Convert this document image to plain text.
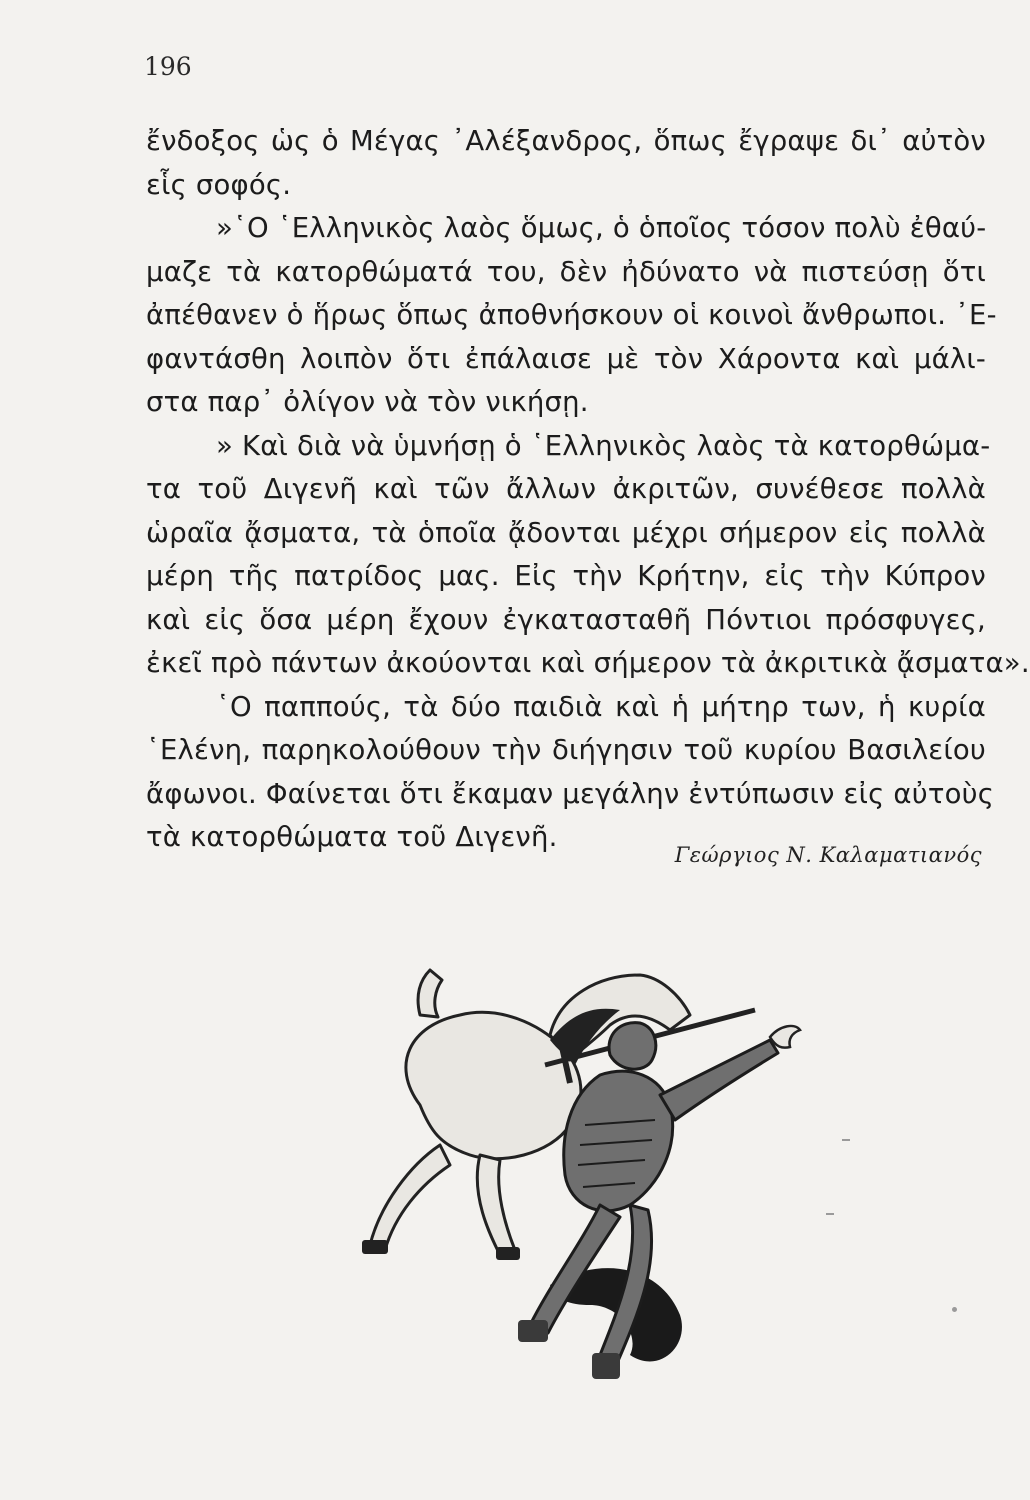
196
ἔνδοξος ὡς ὁ Μέγας ᾿Αλέξανδρος, ὅπως ἔγραψε δι᾿ αὐτὸν
εἷς σοφός.
»῾Ο ῾Ελληνικὸς λαὸς ὅμως, ὁ ὁποῖος τόσον πολὺ ἐθαύ-
μαζε τὰ κατορθώματά του, δὲν ἠδύνατο νὰ πιστεύσῃ ὅτι
ἀπέθανεν ὁ ἥρως ὅπως ἀποθνήσκουν οἱ κοινοὶ ἄνθρωποι. ᾿Ε-
φαντάσθη λοιπὸν ὅτι ἐπάλαισε μὲ τὸν Χάροντα καὶ μάλι-
στα παρ᾿ ὀλίγον νὰ τὸν νικήσῃ.
» Καὶ διὰ νὰ ὑμνήσῃ ὁ ῾Ελληνικὸς λαὸς τὰ κατορθώμα-
τα τοῦ Διγενῆ καὶ τῶν ἄλλων ἀκριτῶν, συνέθεσε πολλὰ
ὡραῖα ᾄσματα, τὰ ὁποῖα ᾄδονται μέχρι σήμερον εἰς πολλὰ
μέρη τῆς πατρίδος μας. Εἰς τὴν Κρήτην, εἰς τὴν Κύπρον
καὶ εἰς ὅσα μέρη ἔχουν ἐγκατασταθῆ Πόντιοι πρόσφυγες,
ἐκεῖ πρὸ πάντων ἀκούονται καὶ σήμερον τὰ ἀκριτικὰ ᾄσματα».
῾Ο παππούς, τὰ δύο παιδιὰ καὶ ἡ μήτηρ των, ἡ κυρία
῾Ελένη, παρηκολούθουν τὴν διήγησιν τοῦ κυρίου Βασιλείου
ἄφωνοι. Φαίνεται ὅτι ἔκαμαν μεγάλην ἐντύπωσιν εἰς αὐτοὺς
τὰ κατορθώματα τοῦ Διγενῆ.
Γεώργιος Ν. Καλαματιανός
